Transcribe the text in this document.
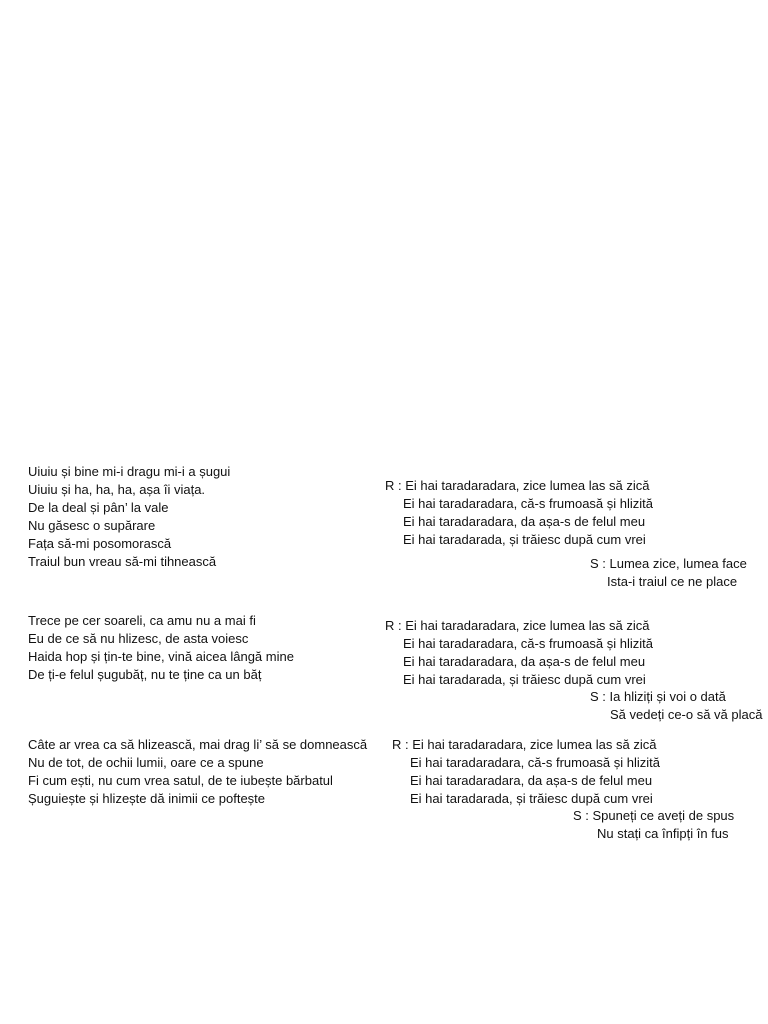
Uiuiu și bine mi-i dragu mi-i a șugui
Uiuiu și ha, ha, ha, așa îi viața.
De la deal și pân’ la vale
Nu găsesc o supărare
Fața să-mi posomorască
Traiul bun vreau să-mi tihnească
R : Ei hai taradaradara, zice lumea las să zică
Ei hai taradaradara, că-s frumoasă și hlizită
Ei hai taradaradara, da așa-s de felul meu
Ei hai taradarada, și trăiesc după cum vrei
S : Lumea zice, lumea face
Ista-i traiul ce ne place
Trece pe cer soareli, ca amu nu a mai fi
Eu de ce să nu hlizesc, de asta voiesc
Haida hop și țin-te bine, vină aicea lângă mine
De ți-e felul șugubăț, nu te ține ca un băț
R : Ei hai taradaradara, zice lumea las să zică
Ei hai taradaradara, că-s frumoasă și hlizită
Ei hai taradaradara, da așa-s de felul meu
Ei hai taradarada, și trăiesc după cum vrei
S : Ia hliziți și voi o dată
Să vedeți ce-o să vă placă
Câte ar vrea ca să hlizească, mai drag li’ să se domnească
Nu de tot, de ochii lumii, oare ce a spune
Fi cum ești, nu cum vrea satul, de te iubește bărbatul
Șuguiește și hlizește dă inimii ce poftește
R : Ei hai taradaradara, zice lumea las să zică
Ei hai taradaradara, că-s frumoasă și hlizită
Ei hai taradaradara, da așa-s de felul meu
Ei hai taradarada, și trăiesc după cum vrei
S : Spuneți ce aveți de spus
Nu stați ca înfipți în fus
